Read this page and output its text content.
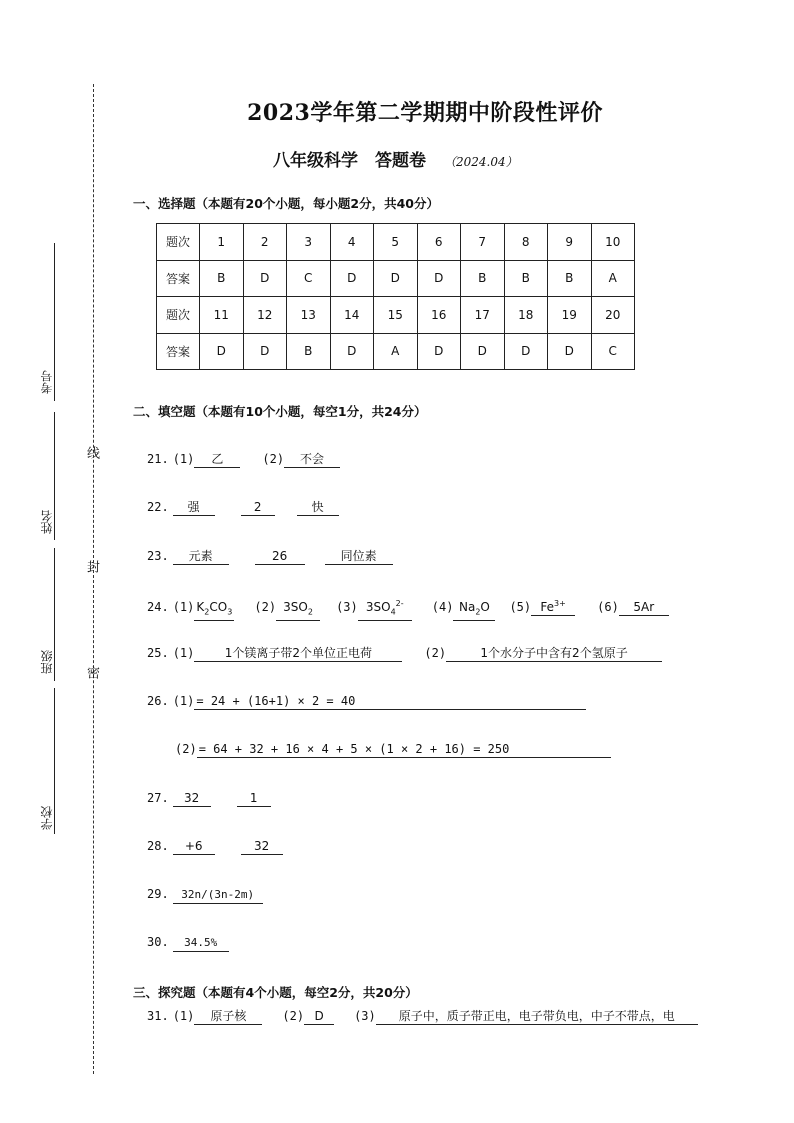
考号
姓名
班级
学校
线
封
密
2023学年第二学期期中阶段性评价
八年级科学　答题卷 （2024.04）
一、选择题（本题有20个小题，每小题2分，共40分）
题次	1	2	3	4	5	6	7	8	9	10
答案	B	D	C	D	D	D	B	B	B	A
题次	11	12	13	14	15	16	17	18	19	20
答案	D	D	B	D	A	D	D	D	D	C
二、填空题（本题有10个小题，每空1分，共24分）
21. (1) 乙	(2) 不会
22. 强	2	快
23. 元素	26	同位素
24. (1) $K_2CO_3$ (2) $3SO_2$ (3) $3SO_4^{2-}$ (4) $Na_2O$ (5) $Fe^{3+}$	(6) 5Ar
25. (1)	1个镁离子带2个单位正电荷	(2)	1个水分子中含有2个氢原子
26. (1) = 24 + (16+1) × 2 = 40
(2) = 64 + 32 + 16 × 4 + 5 × (1 × 2 + 16) = 250
27. 32	1
28. +6	32
29. 32n/(3n-2m)
30. 34.5%
三、探究题（本题有4个小题，每空2分，共20分）
31. (1) 原子核	(2) D	(3) 原子中，质子带正电，电子带负电，中子不带点，电
